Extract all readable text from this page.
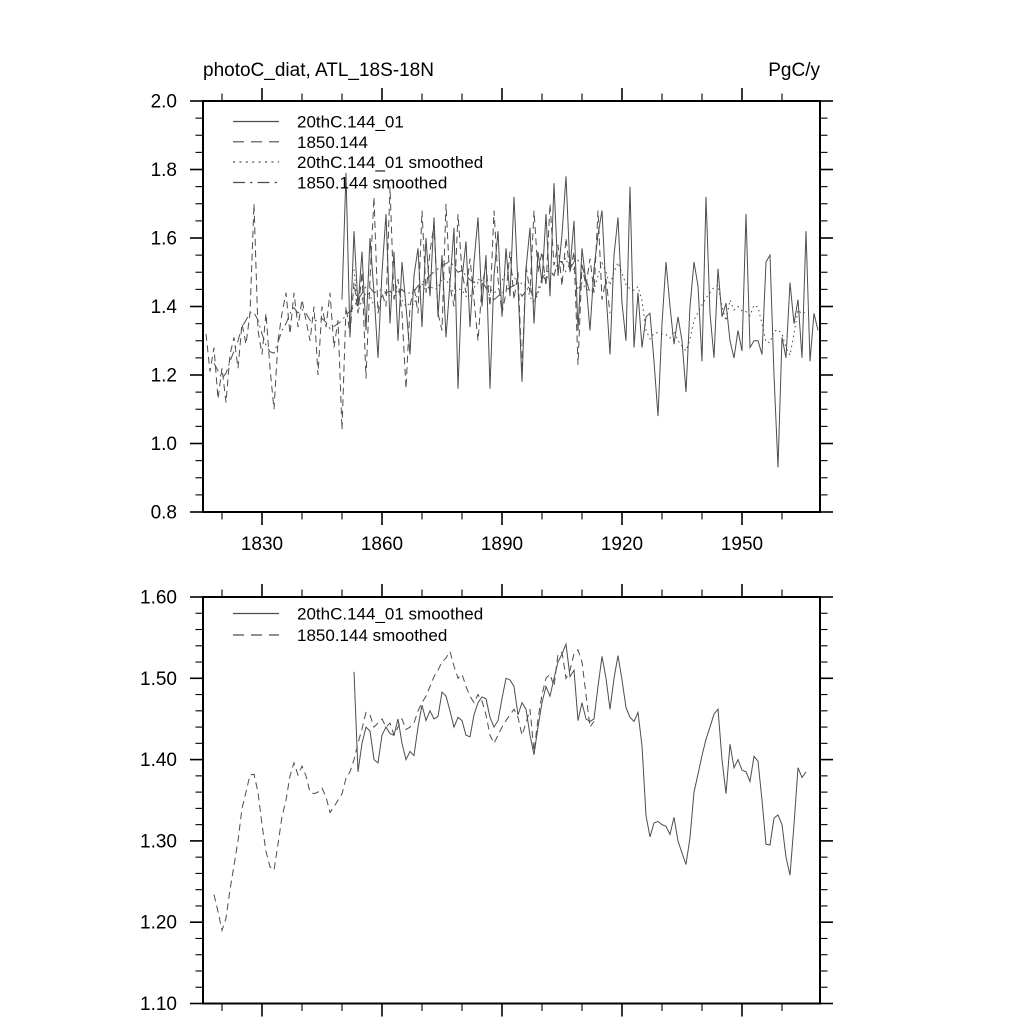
photoC_diat, ATL_18S-18N	PgC/y
1830	1860	1890	1920	1950
0.8
1.0
1.2
1.4
1.6
1.8
2.0
20thC.144_01
1850.144
20thC.144_01 smoothed
1850.144 smoothed
1.10
1.20
1.30
1.40
1.50
1.60
20thC.144_01 smoothed
1850.144 smoothed
